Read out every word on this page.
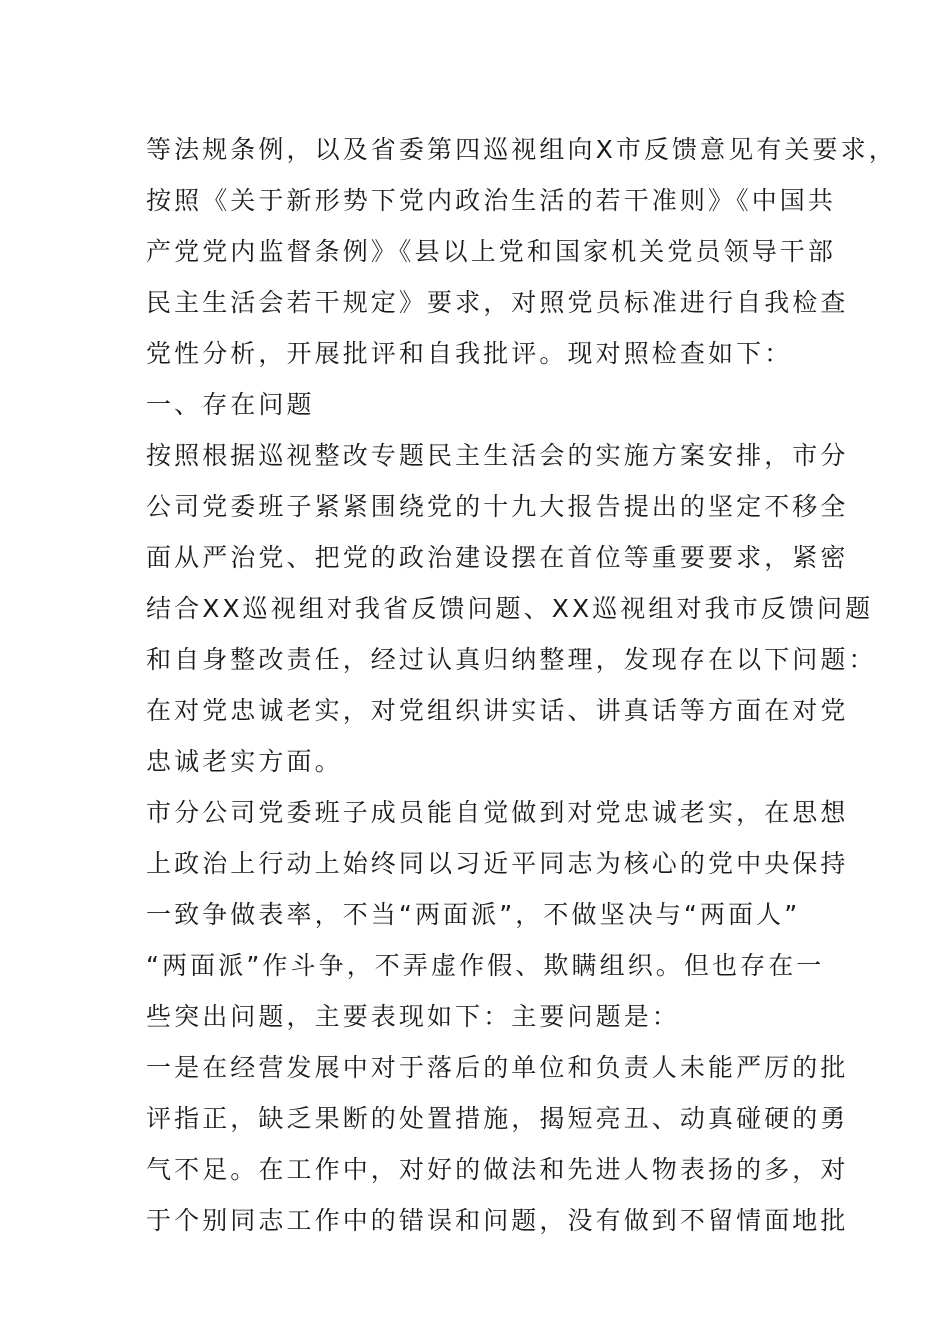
等法规条例，以及省委第四巡视组向X市反馈意见有关要求，
按照《关于新形势下党内政治生活的若干准则》《中国共
产党党内监督条例》《县以上党和国家机关党员领导干部
民主生活会若干规定》要求，对照党员标准进行自我检查
党性分析，开展批评和自我批评。现对照检查如下：
一、存在问题
按照根据巡视整改专题民主生活会的实施方案安排，市分
公司党委班子紧紧围绕党的十九大报告提出的坚定不移全
面从严治党、把党的政治建设摆在首位等重要要求，紧密
结合XX巡视组对我省反馈问题、XX巡视组对我市反馈问题
和自身整改责任，经过认真归纳整理，发现存在以下问题：
在对党忠诚老实，对党组织讲实话、讲真话等方面在对党
忠诚老实方面。
市分公司党委班子成员能自觉做到对党忠诚老实，在思想
上政治上行动上始终同以习近平同志为核心的党中央保持
一致争做表率，不当“两面派”，不做坚决与“两面人”
“两面派”作斗争，不弄虚作假、欺瞒组织。但也存在一
些突出问题，主要表现如下：主要问题是：
一是在经营发展中对于落后的单位和负责人未能严厉的批
评指正，缺乏果断的处置措施，揭短亮丑、动真碰硬的勇
气不足。在工作中，对好的做法和先进人物表扬的多，对
于个别同志工作中的错误和问题，没有做到不留情面地批
